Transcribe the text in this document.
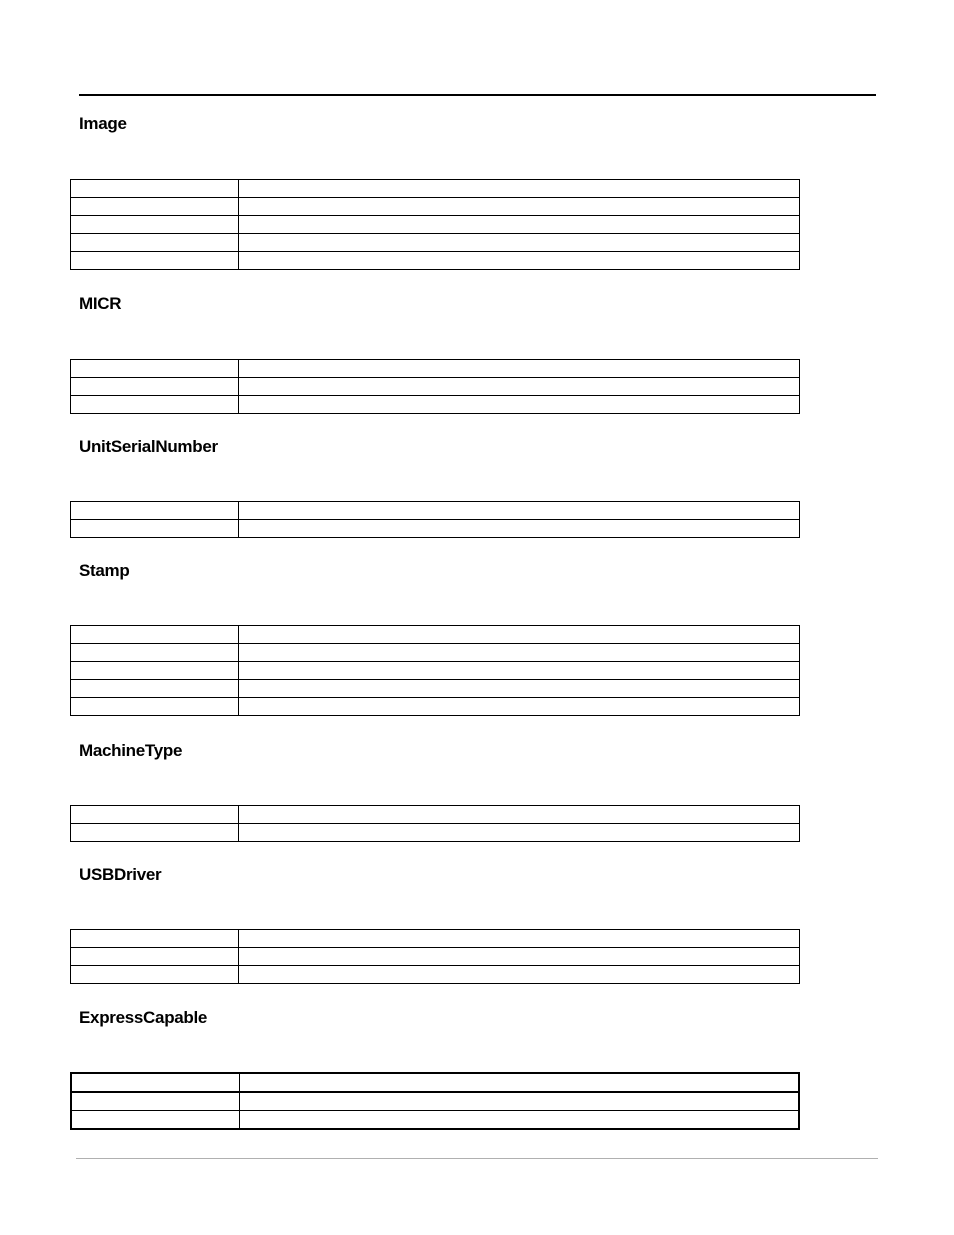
Image

MICR

UnitSerialNumber

Stamp

MachineType

USBDriver

ExpressCapable
